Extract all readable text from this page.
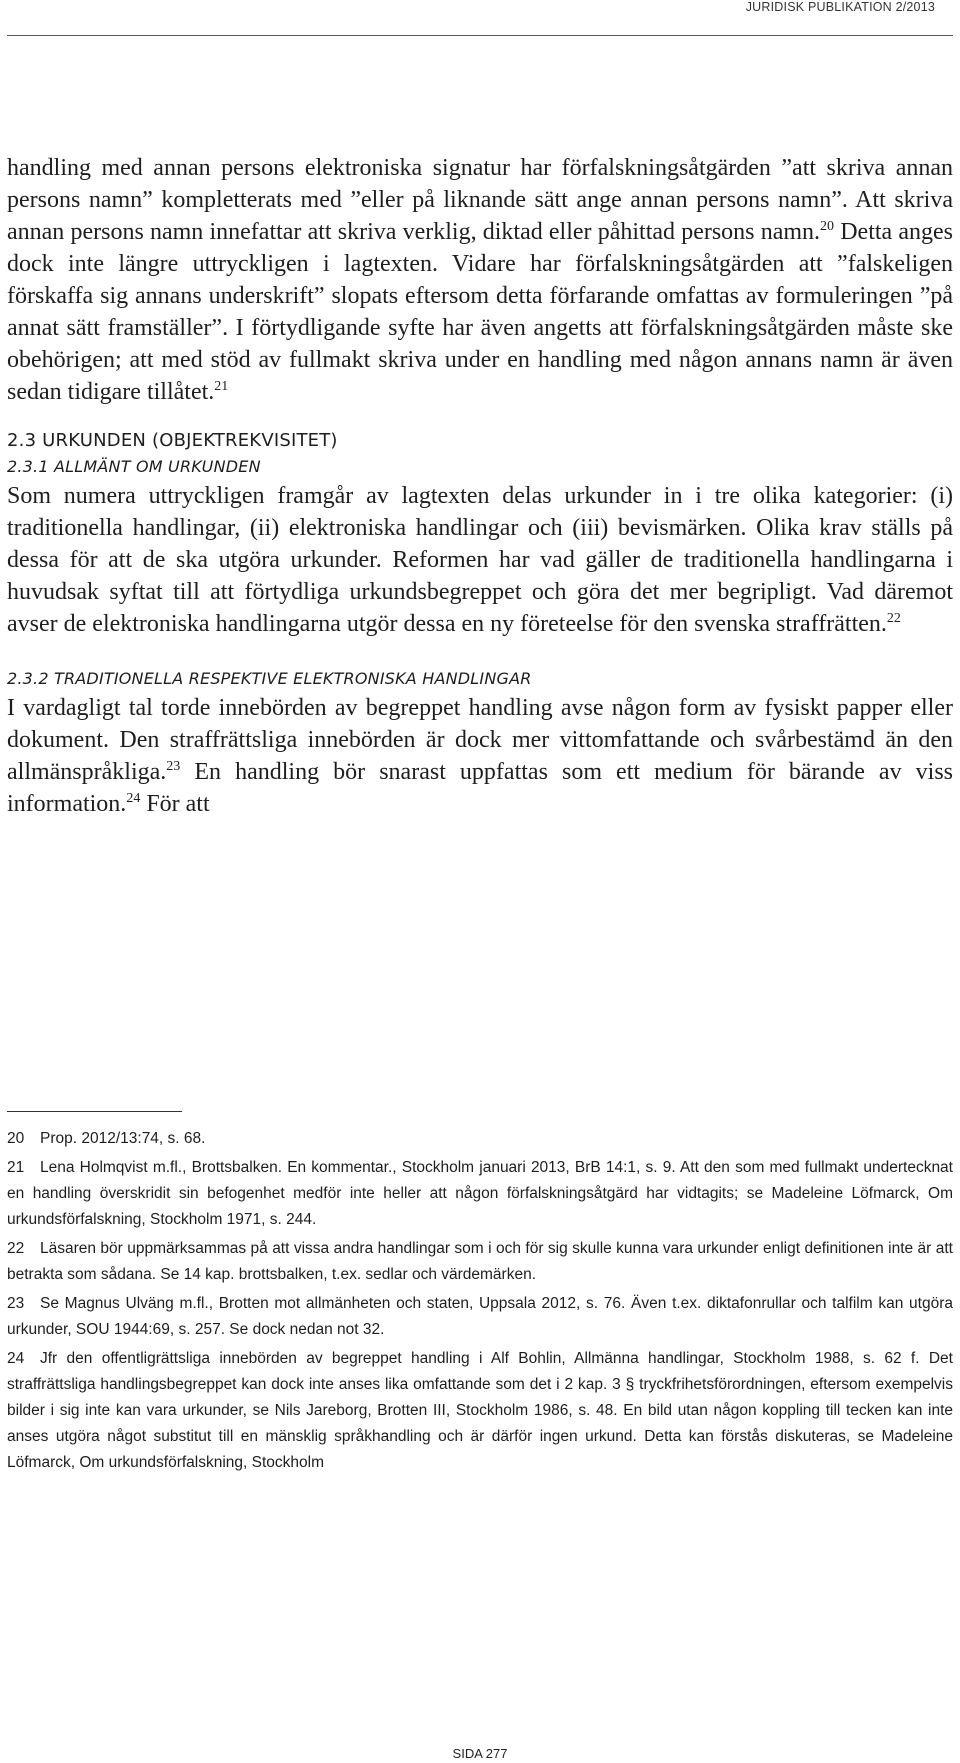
JURIDISK PUBLIKATION 2/2013

handling med annan persons elektroniska signatur har förfalskningsåtgärden ”att skriva annan persons namn” kompletterats med ”eller på liknande sätt ange annan persons namn”. Att skriva annan persons namn innefattar att skriva verklig, diktad eller påhittad persons namn.$^{20}$ Detta anges dock inte längre uttryckligen i lagtexten. Vidare har förfalskningsåtgärden att ”falskeligen förskaffa sig annans underskrift” slopats eftersom detta förfarande omfattas av formuleringen ”på annat sätt framställer”. I förtydligande syfte har även angetts att förfalskningsåtgärden måste ske obehörigen; att med stöd av fullmakt skriva under en handling med någon annans namn är även sedan tidigare tillåtet.$^{21}$

2.3 URKUNDEN (OBJEKTREKVISITET)
2.3.1 ALLMÄNT OM URKUNDEN

Som numera uttryckligen framgår av lagtexten delas urkunder in i tre olika kategorier: (i) traditionella handlingar, (ii) elektroniska handlingar och (iii) bevismärken. Olika krav ställs på dessa för att de ska utgöra urkunder. Reformen har vad gäller de traditionella handlingarna i huvudsak syftat till att förtydliga urkundsbegreppet och göra det mer begripligt. Vad däremot avser de elektroniska handlingarna utgör dessa en ny företeelse för den svenska straffrätten.$^{22}$

2.3.2 TRADITIONELLA RESPEKTIVE ELEKTRONISKA HANDLINGAR

I vardagligt tal torde innebörden av begreppet handling avse någon form av fysiskt papper eller dokument. Den straffrättsliga innebörden är dock mer vittomfattande och svårbestämd än den allmänspråkliga.$^{23}$ En handling bör snarast uppfattas som ett medium för bärande av viss information.$^{24}$ För att

20 Prop. 2012/13:74, s. 68.

21 Lena Holmqvist m.fl., Brottsbalken. En kommentar., Stockholm januari 2013, BrB 14:1, s. 9. Att den som med fullmakt undertecknat en handling överskridit sin befogenhet medför inte heller att någon förfalskningsåtgärd har vidtagits; se Madeleine Löfmarck, Om urkundsförfalskning, Stockholm 1971, s. 244.

22 Läsaren bör uppmärksammas på att vissa andra handlingar som i och för sig skulle kunna vara urkunder enligt definitionen inte är att betrakta som sådana. Se 14 kap. brottsbalken, t.ex. sedlar och värdemärken.

23 Se Magnus Ulväng m.fl., Brotten mot allmänheten och staten, Uppsala 2012, s. 76. Även t.ex. diktafonrullar och talfilm kan utgöra urkunder, SOU 1944:69, s. 257. Se dock nedan not 32.

24 Jfr den offentligrättsliga innebörden av begreppet handling i Alf Bohlin, Allmänna handlingar, Stockholm 1988, s. 62 f. Det straffrättsliga handlingsbegreppet kan dock inte anses lika omfattande som det i 2 kap. 3 § tryckfrihetsförordningen, eftersom exempelvis bilder i sig inte kan vara urkunder, se Nils Jareborg, Brotten III, Stockholm 1986, s. 48. En bild utan någon koppling till tecken kan inte anses utgöra något substitut till en mänsklig språkhandling och är därför ingen urkund. Detta kan förstås diskuteras, se Madeleine Löfmarck, Om urkundsförfalskning, Stockholm

SIDA 277
